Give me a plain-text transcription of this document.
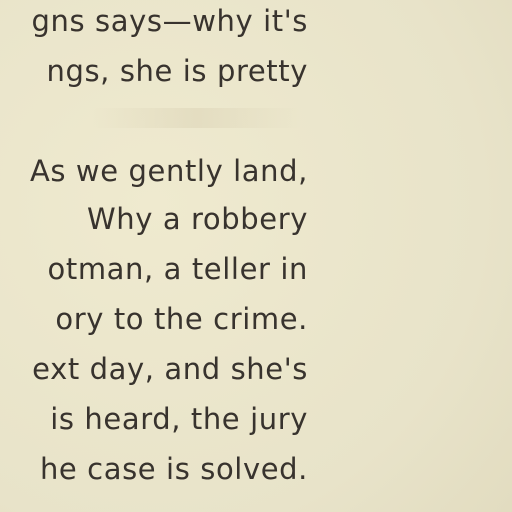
gns says—why it's
ngs, she is pretty
As we gently land,
Why a robbery
otman, a teller in
ory to the crime.
ext day, and she's
is heard, the jury
he case is solved.
